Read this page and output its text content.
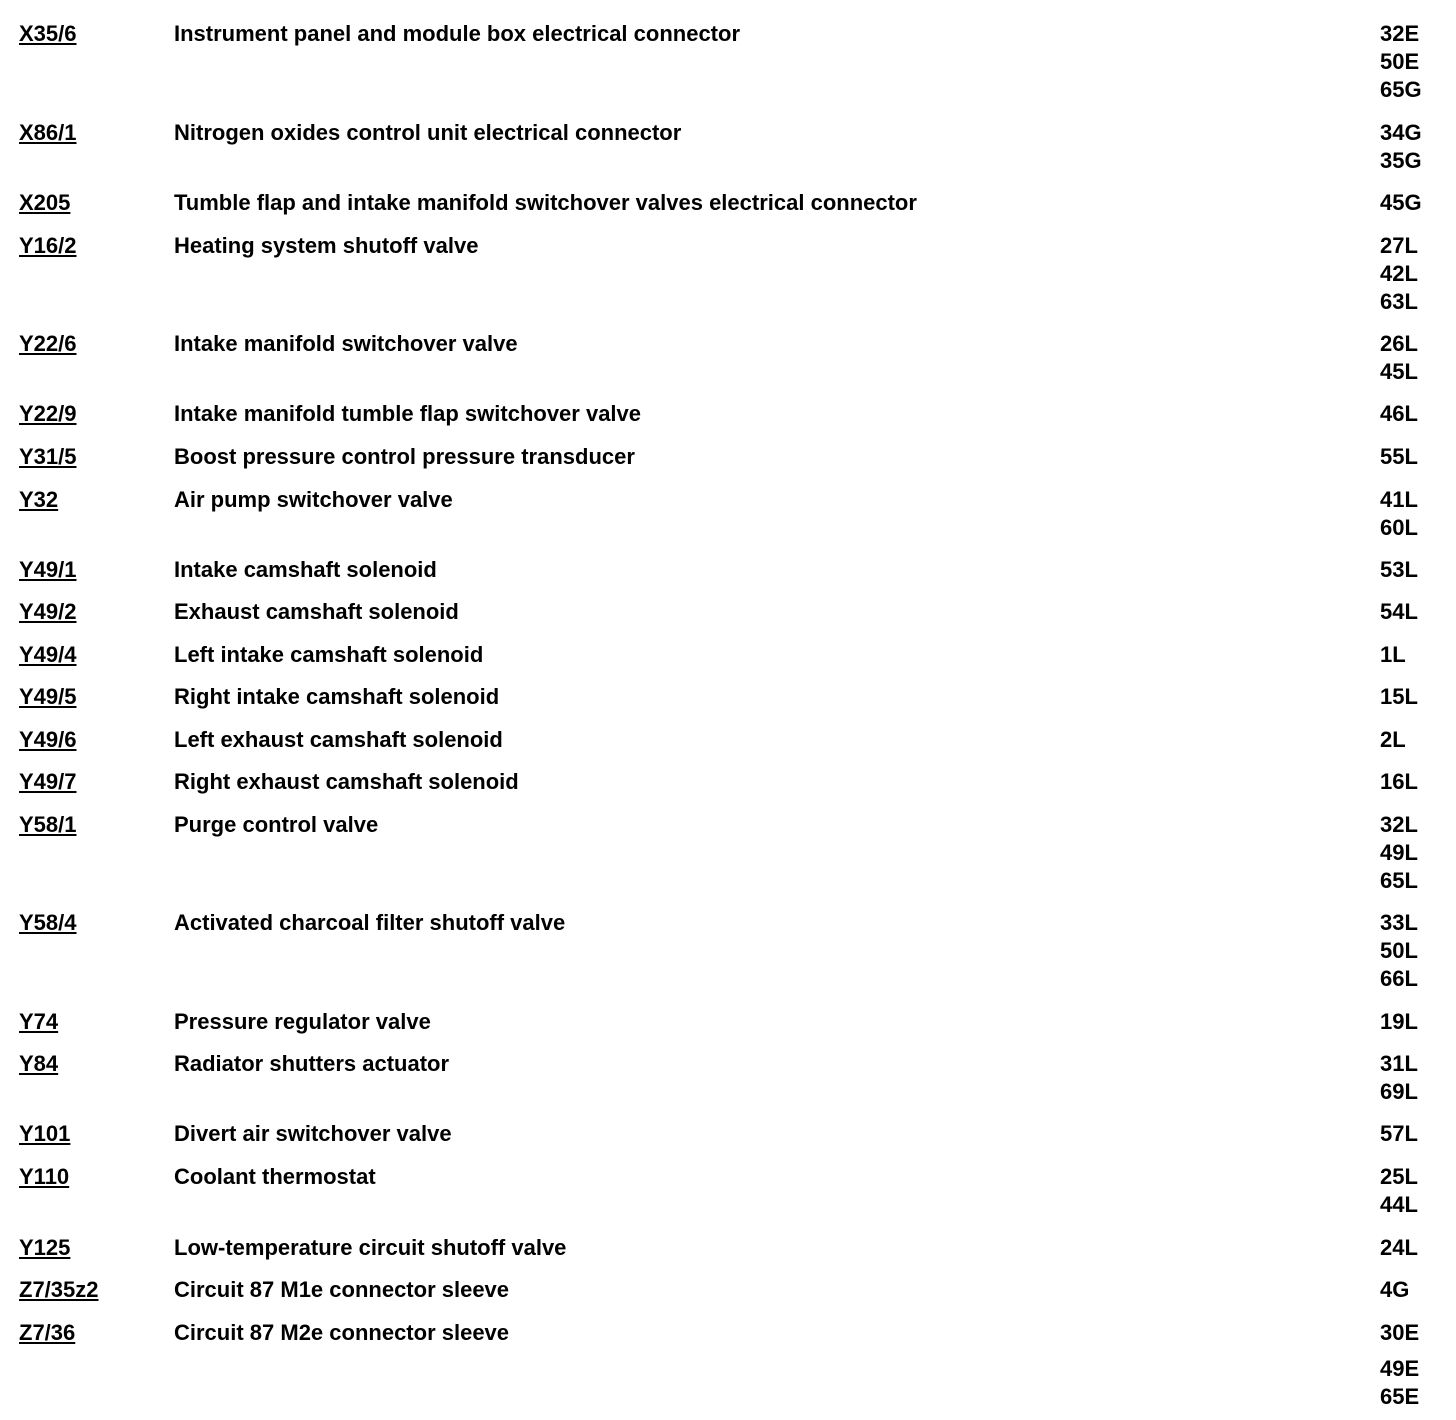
X35/6	Instrument panel and module box electrical connector	32E
50E
65G
X86/1	Nitrogen oxides control unit electrical connector	34G
35G
X205	Tumble flap and intake manifold switchover valves electrical connector	45G
Y16/2	Heating system shutoff valve	27L
42L
63L
Y22/6	Intake manifold switchover valve	26L
45L
Y22/9	Intake manifold tumble flap switchover valve	46L
Y31/5	Boost pressure control pressure transducer	55L
Y32	Air pump switchover valve	41L
60L
Y49/1	Intake camshaft solenoid	53L
Y49/2	Exhaust camshaft solenoid	54L
Y49/4	Left intake camshaft solenoid	1L
Y49/5	Right intake camshaft solenoid	15L
Y49/6	Left exhaust camshaft solenoid	2L
Y49/7	Right exhaust camshaft solenoid	16L
Y58/1	Purge control valve	32L
49L
65L
Y58/4	Activated charcoal filter shutoff valve	33L
50L
66L
Y74	Pressure regulator valve	19L
Y84	Radiator shutters actuator	31L
69L
Y101	Divert air switchover valve	57L
Y110	Coolant thermostat	25L
44L
Y125	Low-temperature circuit shutoff valve	24L
Z7/35z2	Circuit 87 M1e connector sleeve	4G
Z7/36	Circuit 87 M2e connector sleeve	30E
49E
65E
